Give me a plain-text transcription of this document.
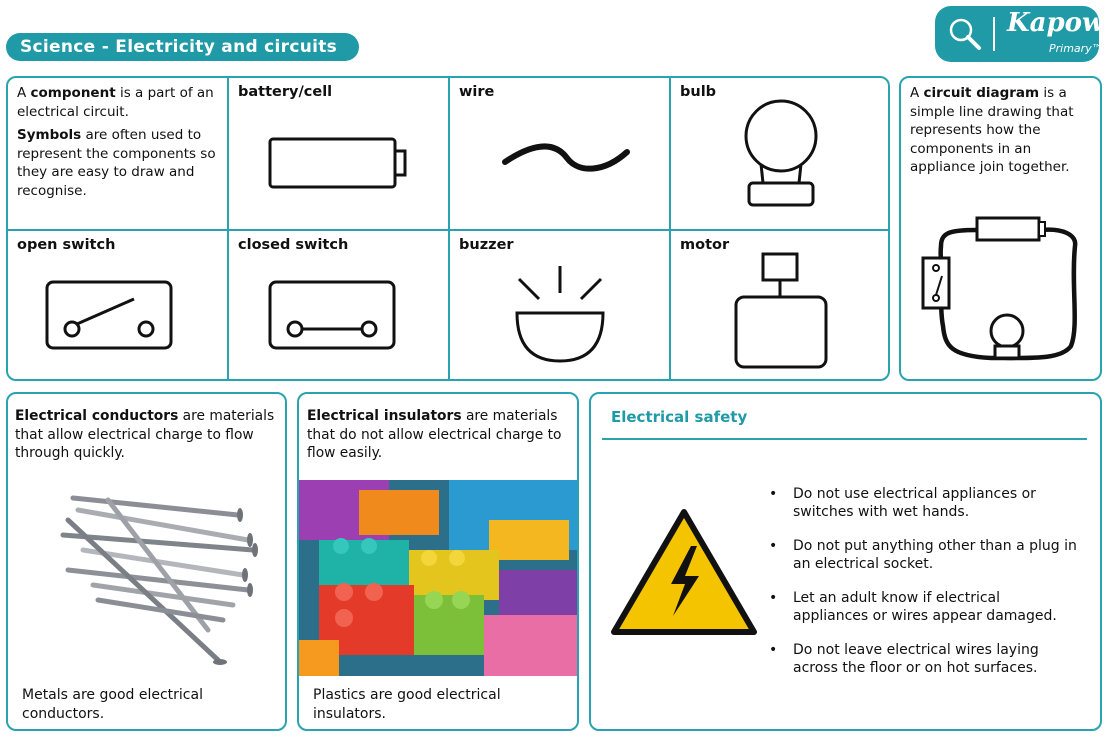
Science - Electricity and circuits
Kapow
Primary™
A component is a part of an electrical circuit.
Symbols are often used to represent the components so they are easy to draw and recognise.
battery/cell	wire	bulb
open switch	closed switch	buzzer	motor
A circuit diagram is a simple line drawing that represents how the components in an appliance join together.
Electrical conductors are materials that allow electrical charge to flow through quickly.
Metals are good electrical conductors.
Electrical insulators are materials that do not allow electrical charge to flow easily.
Plastics are good electrical insulators.
Electrical safety
• Do not use electrical appliances or switches with wet hands.
• Do not put anything other than a plug in an electrical socket.
• Let an adult know if electrical appliances or wires appear damaged.
• Do not leave electrical wires laying across the floor or on hot surfaces.
